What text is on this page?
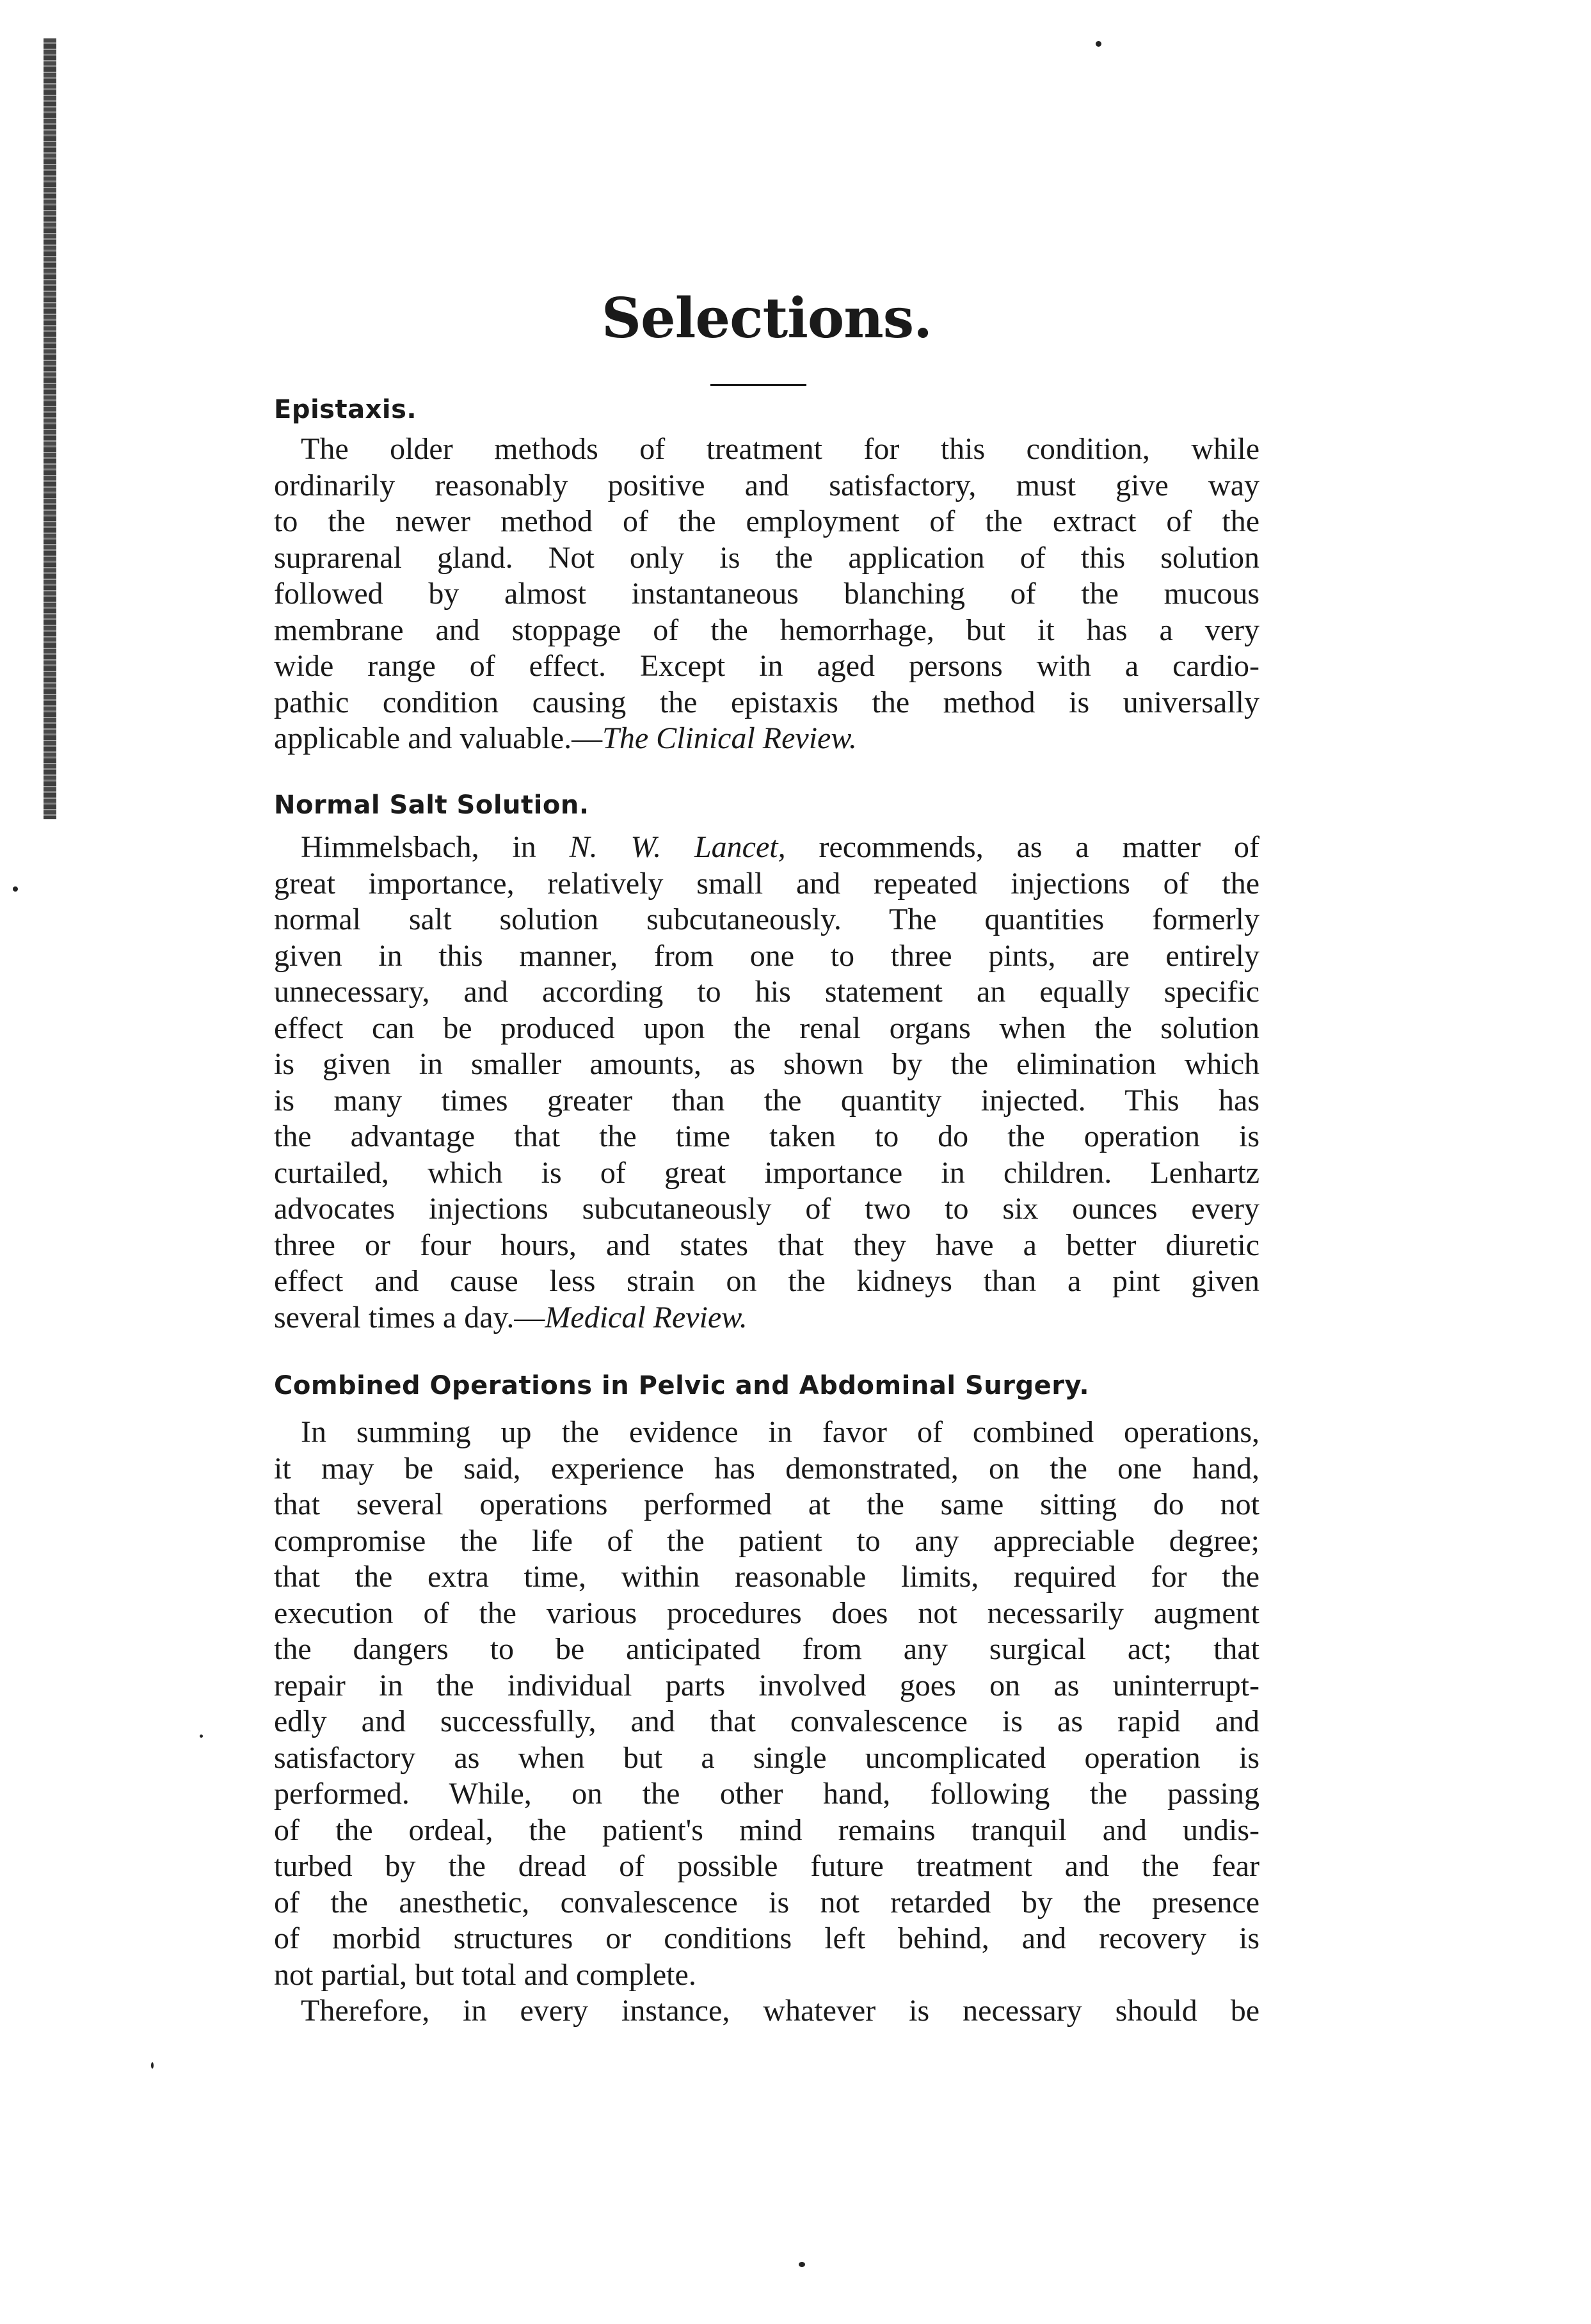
Selections.
Epistaxis.
The older methods of treatment for this condition, while
ordinarily reasonably positive and satisfactory, must give way
to the newer method of the employment of the extract of the
suprarenal gland. Not only is the application of this solution
followed by almost instantaneous blanching of the mucous
membrane and stoppage of the hemorrhage, but it has a very
wide range of effect. Except in aged persons with a cardio-
pathic condition causing the epistaxis the method is universally
applicable and valuable.—The Clinical Review.
Normal Salt Solution.
Himmelsbach, in N. W. Lancet, recommends, as a matter of
great importance, relatively small and repeated injections of the
normal salt solution subcutaneously. The quantities formerly
given in this manner, from one to three pints, are entirely
unnecessary, and according to his statement an equally specific
effect can be produced upon the renal organs when the solution
is given in smaller amounts, as shown by the elimination which
is many times greater than the quantity injected. This has
the advantage that the time taken to do the operation is
curtailed, which is of great importance in children. Lenhartz
advocates injections subcutaneously of two to six ounces every
three or four hours, and states that they have a better diuretic
effect and cause less strain on the kidneys than a pint given
several times a day.—Medical Review.
Combined Operations in Pelvic and Abdominal Surgery.
In summing up the evidence in favor of combined operations,
it may be said, experience has demonstrated, on the one hand,
that several operations performed at the same sitting do not
compromise the life of the patient to any appreciable degree;
that the extra time, within reasonable limits, required for the
execution of the various procedures does not necessarily augment
the dangers to be anticipated from any surgical act; that
repair in the individual parts involved goes on as uninterrupt-
edly and successfully, and that convalescence is as rapid and
satisfactory as when but a single uncomplicated operation is
performed. While, on the other hand, following the passing
of the ordeal, the patient's mind remains tranquil and undis-
turbed by the dread of possible future treatment and the fear
of the anesthetic, convalescence is not retarded by the presence
of morbid structures or conditions left behind, and recovery is
not partial, but total and complete.
Therefore, in every instance, whatever is necessary should be
